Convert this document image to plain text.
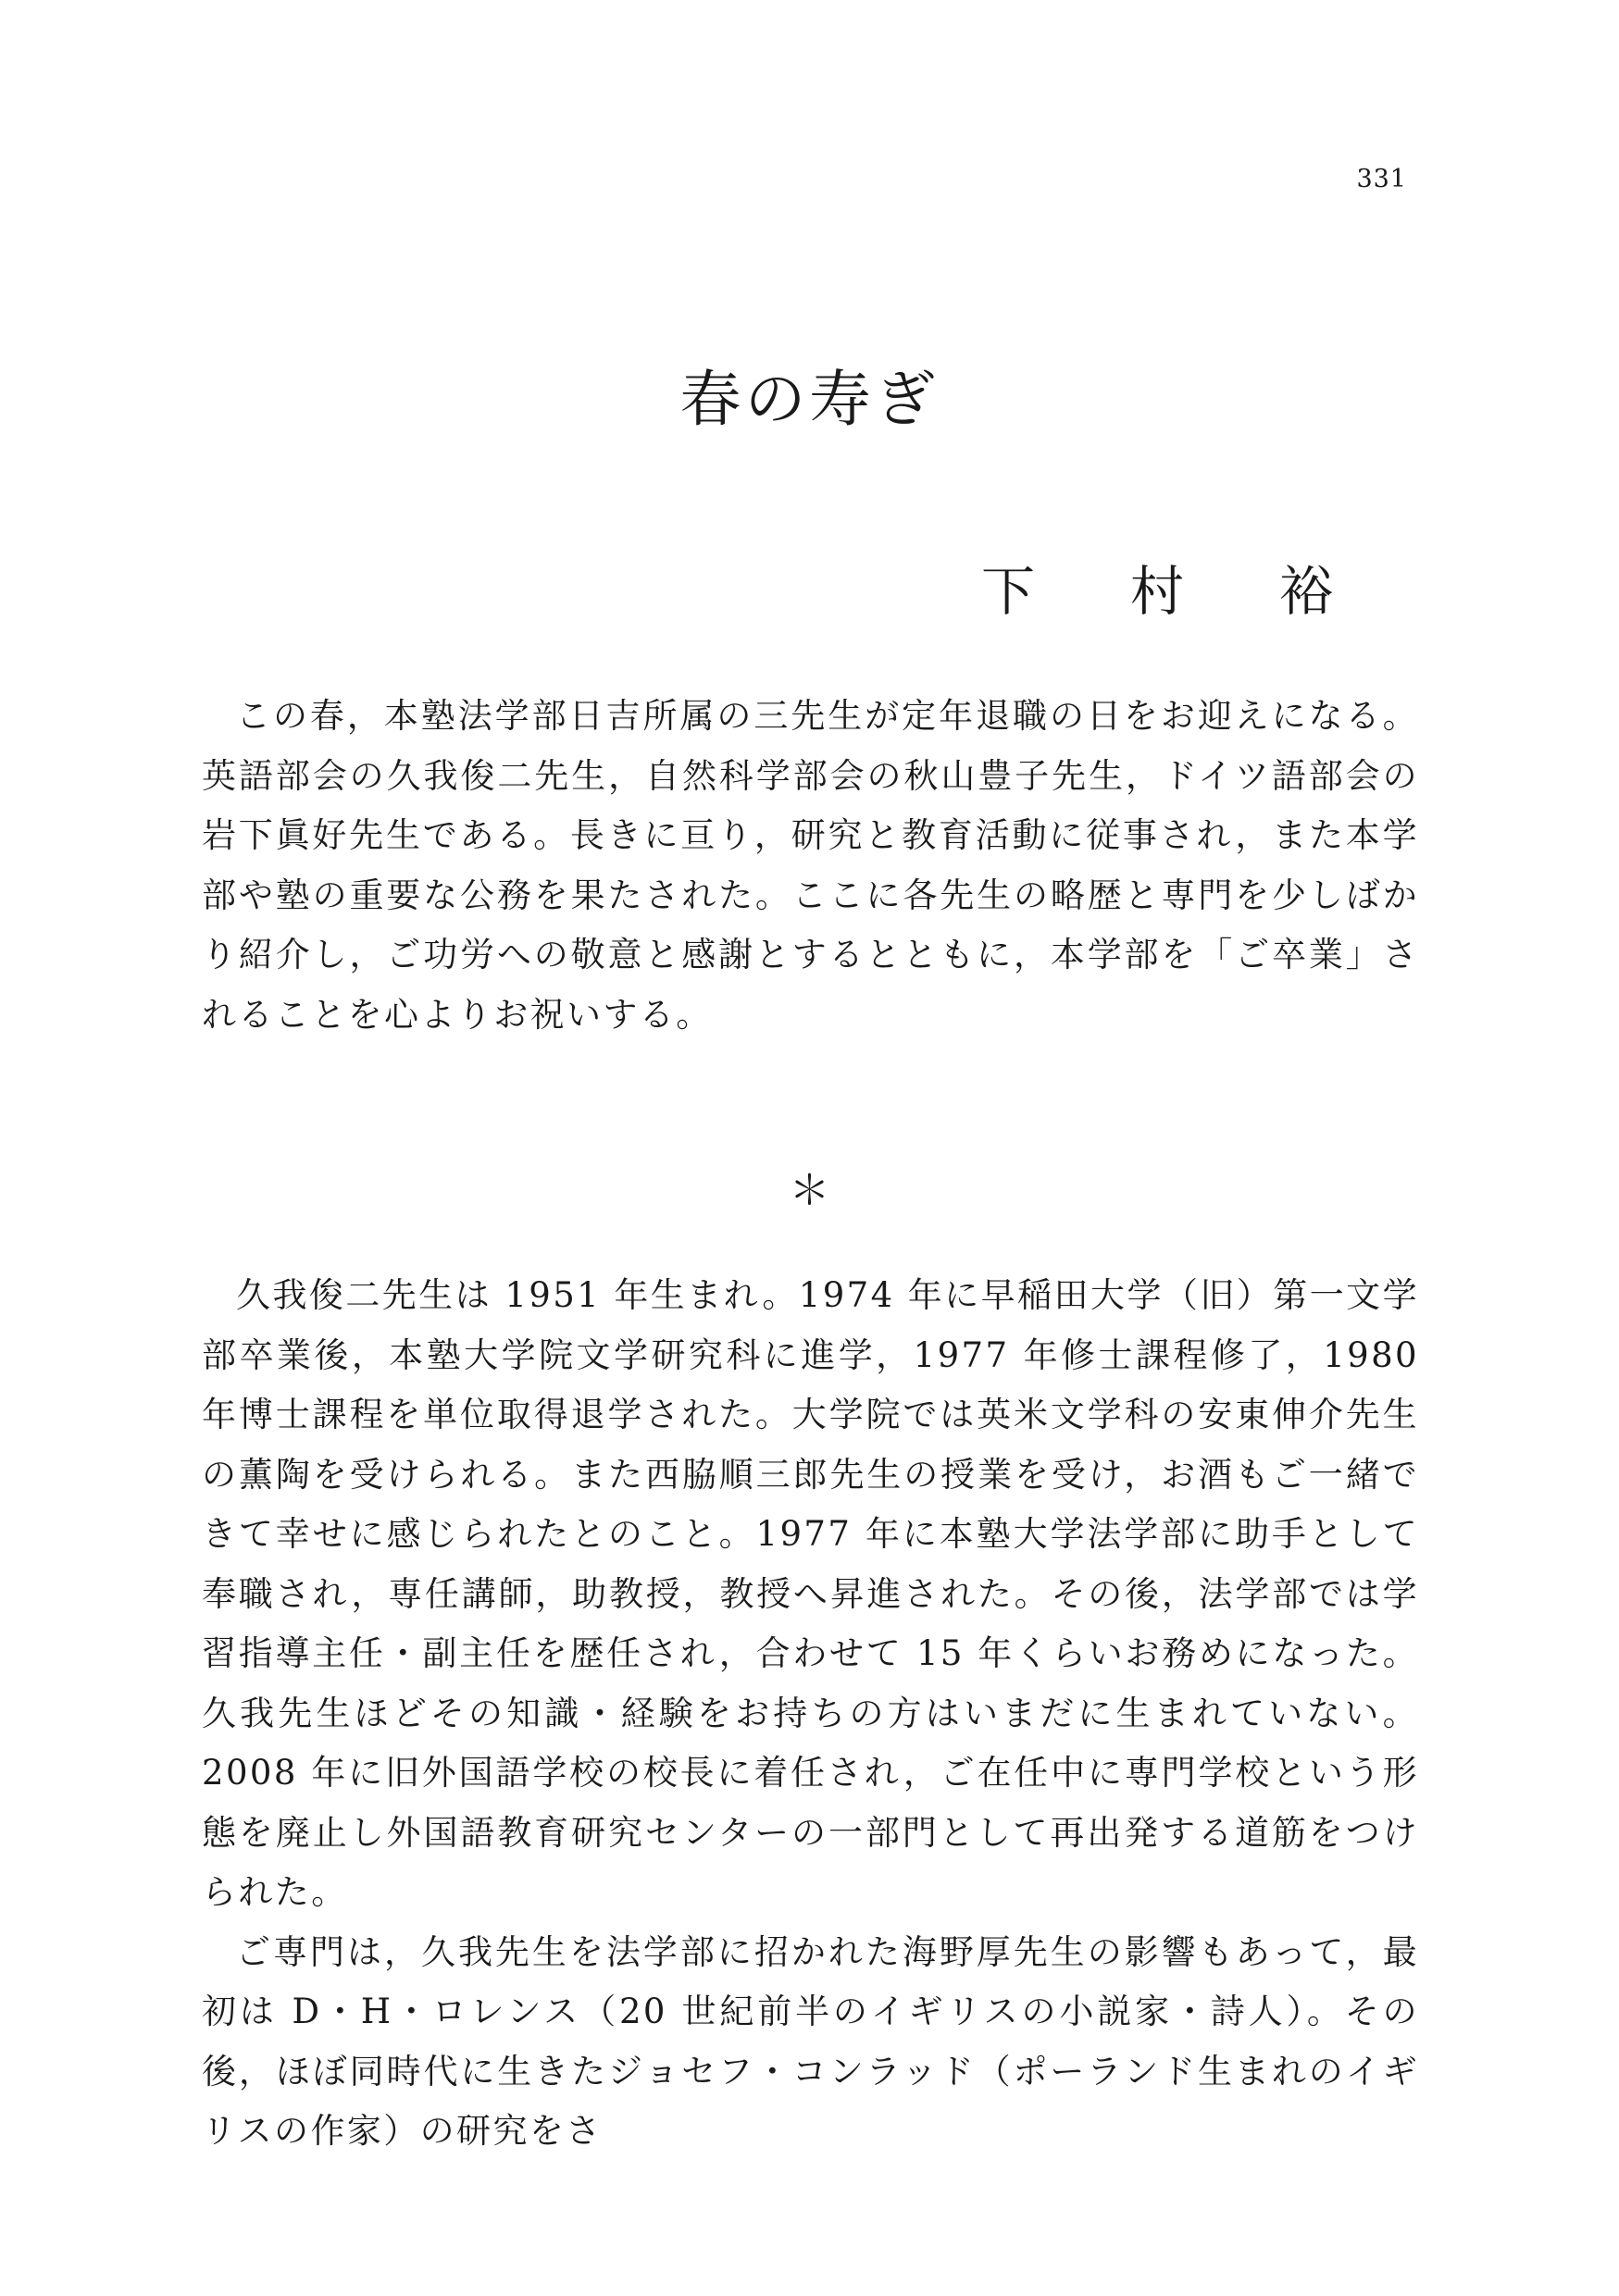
331
春の寿ぎ
下 村 裕

この春，本塾法学部日吉所属の三先生が定年退職の日をお迎えになる。英語部会の久我俊二先生，自然科学部会の秋山豊子先生，ドイツ語部会の岩下眞好先生である。長きに亘り，研究と教育活動に従事され，また本学部や塾の重要な公務を果たされた。ここに各先生の略歴と専門を少しばかり紹介し，ご功労への敬意と感謝とするとともに，本学部を「ご卒業」されることを心よりお祝いする。

＊

久我俊二先生は 1951 年生まれ。1974 年に早稲田大学（旧）第一文学部卒業後，本塾大学院文学研究科に進学，1977 年修士課程修了，1980 年博士課程を単位取得退学された。大学院では英米文学科の安東伸介先生の薫陶を受けられる。また西脇順三郎先生の授業を受け，お酒もご一緒できて幸せに感じられたとのこと。1977 年に本塾大学法学部に助手として奉職され，専任講師，助教授，教授へ昇進された。その後，法学部では学習指導主任・副主任を歴任され，合わせて 15 年くらいお務めになった。久我先生ほどその知識・経験をお持ちの方はいまだに生まれていない。2008 年に旧外国語学校の校長に着任され，ご在任中に専門学校という形態を廃止し外国語教育研究センターの一部門として再出発する道筋をつけられた。

ご専門は，久我先生を法学部に招かれた海野厚先生の影響もあって，最初は D・H・ロレンス（20 世紀前半のイギリスの小説家・詩人）。その後，ほぼ同時代に生きたジョセフ・コンラッド（ポーランド生まれのイギリスの作家）の研究をさ
